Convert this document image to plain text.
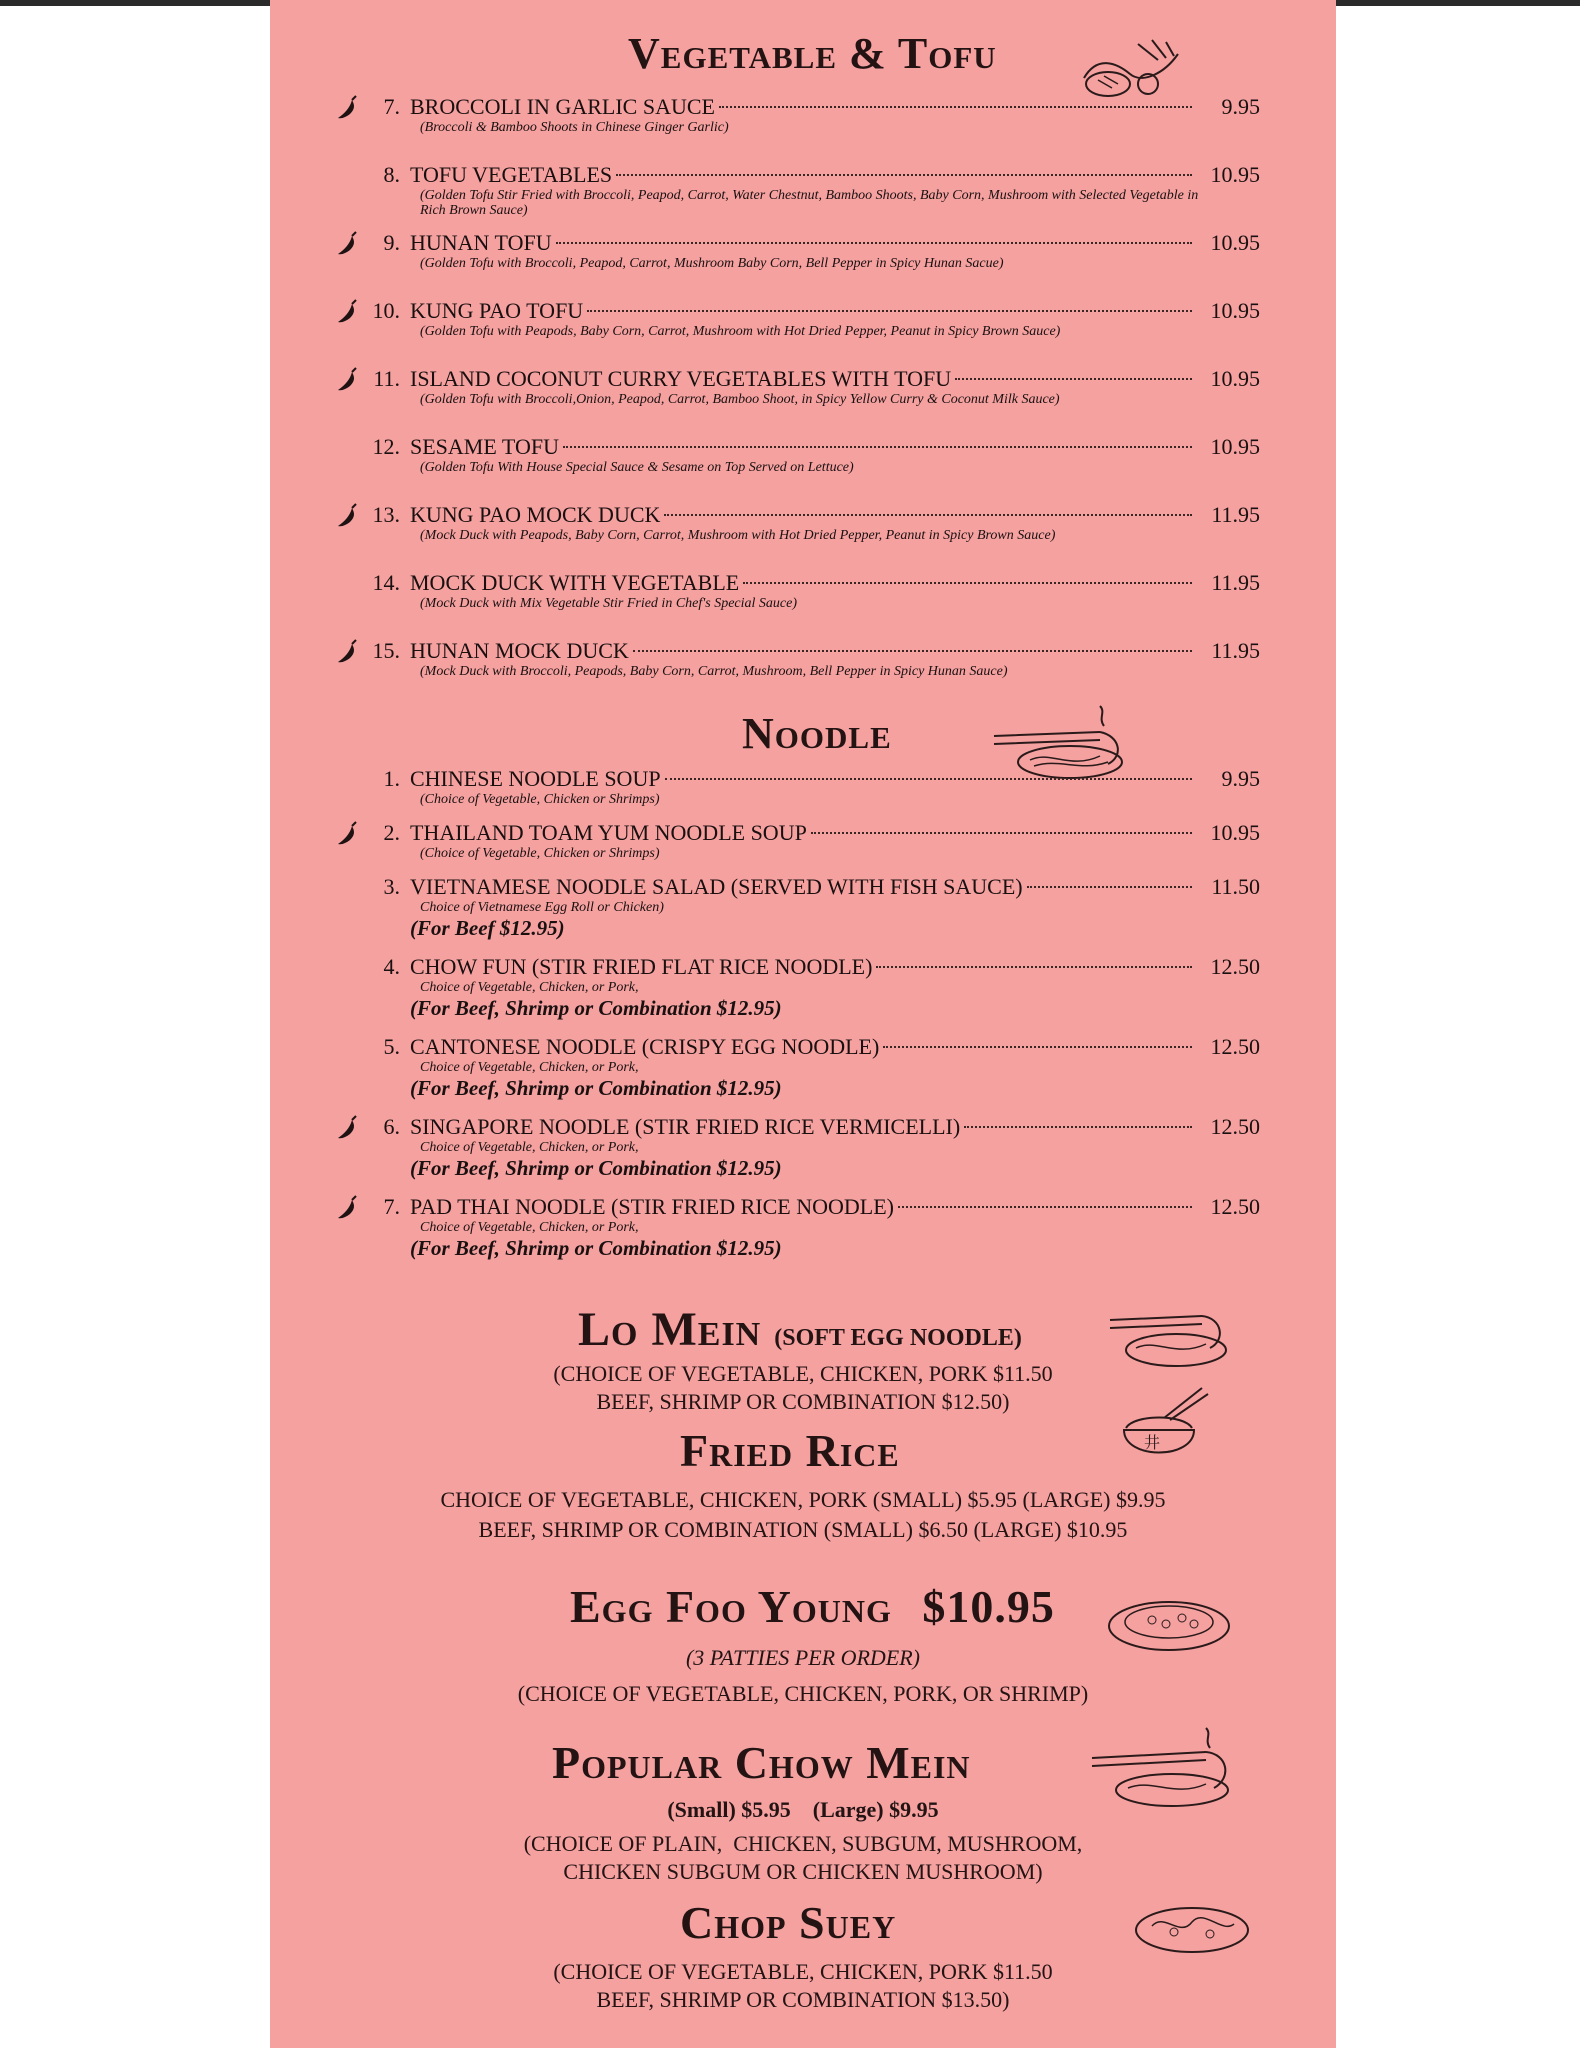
Vegetable & Tofu
7. BROCCOLI IN GARLIC SAUCE	9.95
(Broccoli & Bamboo Shoots in Chinese Ginger Garlic)
8. TOFU VEGETABLES	10.95
(Golden Tofu Stir Fried with Broccoli, Peapod, Carrot, Water Chestnut, Bamboo Shoots, Baby Corn, Mushroom with Selected Vegetable in Rich Brown Sauce)
9. HUNAN TOFU	10.95
(Golden Tofu with Broccoli, Peapod, Carrot, Mushroom Baby Corn, Bell Pepper in Spicy Hunan Sacue)
10. KUNG PAO TOFU	10.95
(Golden Tofu with Peapods, Baby Corn, Carrot, Mushroom with Hot Dried Pepper, Peanut in Spicy Brown Sauce)
11. ISLAND COCONUT CURRY VEGETABLES WITH TOFU	10.95
(Golden Tofu with Broccoli,Onion, Peapod, Carrot, Bamboo Shoot, in Spicy Yellow Curry & Coconut Milk Sauce)
12. SESAME TOFU	10.95
(Golden Tofu With House Special Sauce & Sesame on Top Served on Lettuce)
13. KUNG PAO MOCK DUCK	11.95
(Mock Duck with Peapods, Baby Corn, Carrot, Mushroom with Hot Dried Pepper, Peanut in Spicy Brown Sauce)
14. MOCK DUCK WITH VEGETABLE	11.95
(Mock Duck with Mix Vegetable Stir Fried in Chef's Special Sauce)
15. HUNAN MOCK DUCK	11.95
(Mock Duck with Broccoli, Peapods, Baby Corn, Carrot, Mushroom, Bell Pepper in Spicy Hunan Sauce)
Noodle
1. CHINESE NOODLE SOUP	9.95
(Choice of Vegetable, Chicken or Shrimps)
2. THAILAND TOAM YUM NOODLE SOUP	10.95
(Choice of Vegetable, Chicken or Shrimps)
3. VIETNAMESE NOODLE SALAD (SERVED WITH FISH SAUCE)	11.50
Choice of Vietnamese Egg Roll or Chicken)
(For Beef $12.95)
4. CHOW FUN (STIR FRIED FLAT RICE NOODLE)	12.50
Choice of Vegetable, Chicken, or Pork,
(For Beef, Shrimp or Combination $12.95)
5. CANTONESE NOODLE (CRISPY EGG NOODLE)	12.50
Choice of Vegetable, Chicken, or Pork,
(For Beef, Shrimp or Combination $12.95)
6. SINGAPORE NOODLE (STIR FRIED RICE VERMICELLI)	12.50
Choice of Vegetable, Chicken, or Pork,
(For Beef, Shrimp or Combination $12.95)
7. PAD THAI NOODLE (STIR FRIED RICE NOODLE)	12.50
Choice of Vegetable, Chicken, or Pork,
(For Beef, Shrimp or Combination $12.95)
Lo Mein (SOFT EGG NOODLE)
(CHOICE OF VEGETABLE, CHICKEN, PORK $11.50
BEEF, SHRIMP OR COMBINATION $12.50)
Fried Rice	井
CHOICE OF VEGETABLE, CHICKEN, PORK (SMALL) $5.95 (LARGE) $9.95
BEEF, SHRIMP OR COMBINATION (SMALL) $6.50 (LARGE) $10.95
Egg Foo Young $10.95
(3 PATTIES PER ORDER)
(CHOICE OF VEGETABLE, CHICKEN, PORK, OR SHRIMP)
Popular Chow Mein
(Small) $5.95    (Large) $9.95
(CHOICE OF PLAIN,  CHICKEN, SUBGUM, MUSHROOM,
CHICKEN SUBGUM OR CHICKEN MUSHROOM)
Chop Suey
(CHOICE OF VEGETABLE, CHICKEN, PORK $11.50
BEEF, SHRIMP OR COMBINATION $13.50)
